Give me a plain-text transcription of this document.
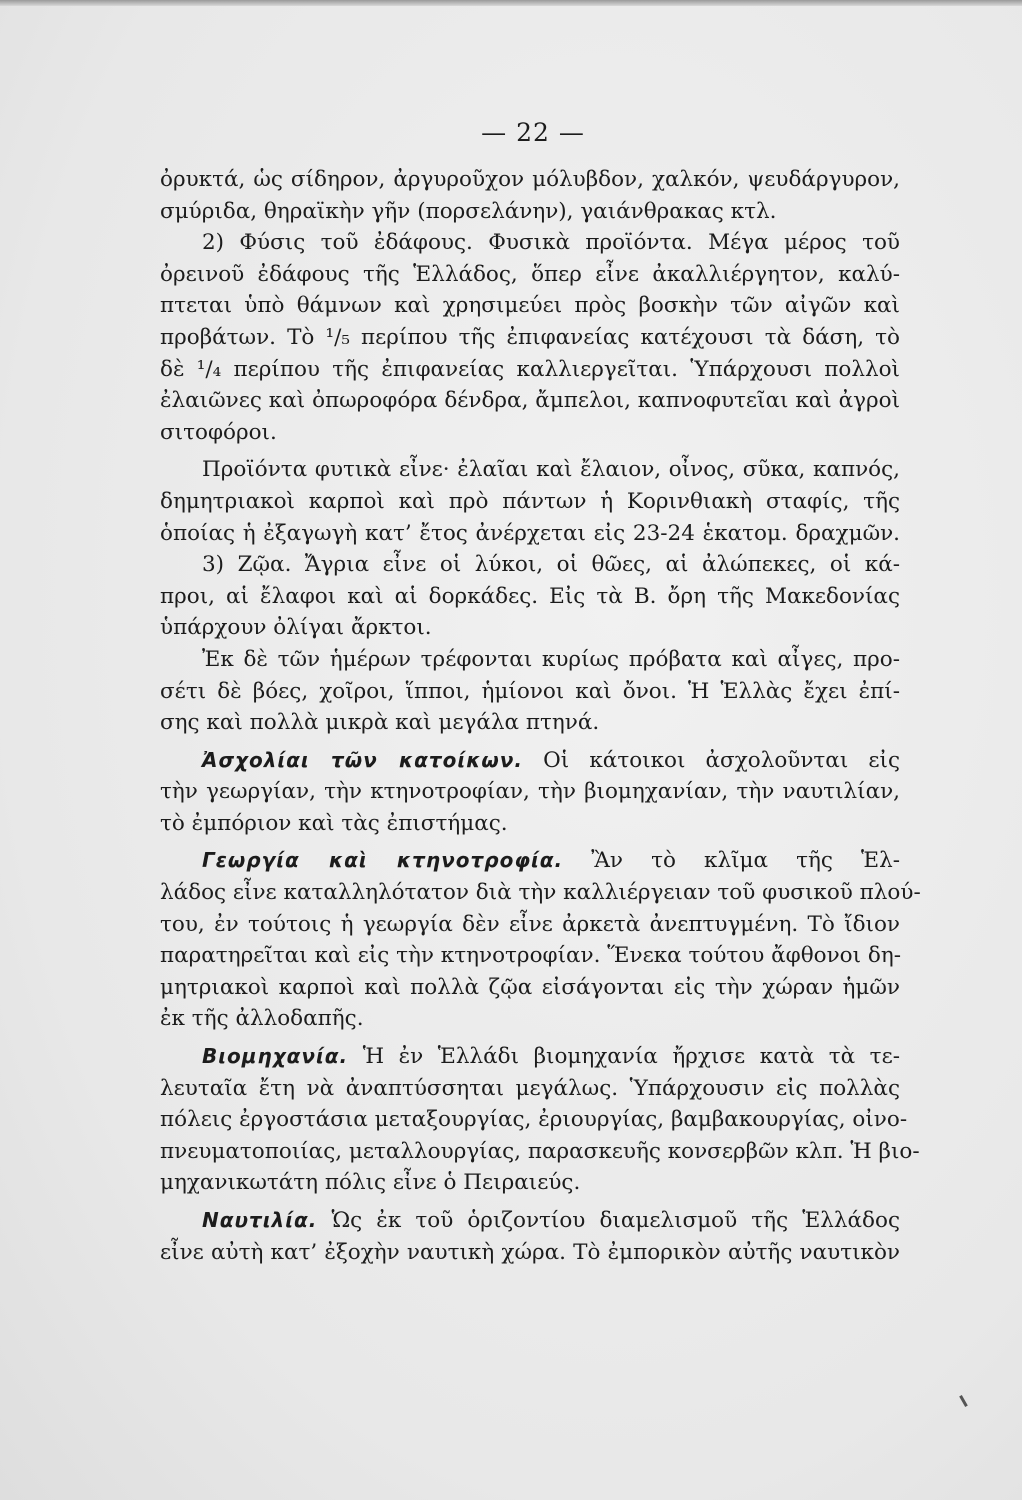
— 22 —
ὀρυκτά, ὡς σίδηρον, ἀργυροῦχον μόλυβδον, χαλκόν, ψευδάργυρον,
σμύριδα, θηραϊκὴν γῆν (πορσελάνην), γαιάνθρακας κτλ.
2) Φύσις τοῦ ἐδάφους. Φυσικὰ προϊόντα. Μέγα μέρος τοῦ
ὀρεινοῦ ἐδάφους τῆς Ἑλλάδος, ὅπερ εἶνε ἀκαλλιέργητον, καλύ-
πτεται ὑπὸ θάμνων καὶ χρησιμεύει πρὸς βοσκὴν τῶν αἰγῶν καὶ
προβάτων. Τὸ ¹/₅ περίπου τῆς ἐπιφανείας κατέχουσι τὰ δάση, τὸ
δὲ ¹/₄ περίπου τῆς ἐπιφανείας καλλιεργεῖται. Ὑπάρχουσι πολλοὶ
ἐλαιῶνες καὶ ὀπωροφόρα δένδρα, ἄμπελοι, καπνοφυτεῖαι καὶ ἀγροὶ
σιτοφόροι.
Προϊόντα φυτικὰ εἶνε· ἐλαῖαι καὶ ἔλαιον, οἶνος, σῦκα, καπνός,
δημητριακοὶ καρποὶ καὶ πρὸ πάντων ἡ Κορινθιακὴ σταφίς, τῆς
ὁποίας ἡ ἐξαγωγὴ κατ’ ἔτος ἀνέρχεται εἰς 23-24 ἑκατομ. δραχμῶν.
3) Ζῷα. Ἄγρια εἶνε οἱ λύκοι, οἱ θῶες, αἱ ἀλώπεκες, οἱ κά-
προι, αἱ ἔλαφοι καὶ αἱ δορκάδες. Εἰς τὰ Β. ὄρη τῆς Μακεδονίας
ὑπάρχουν ὀλίγαι ἄρκτοι.
Ἐκ δὲ τῶν ἡμέρων τρέφονται κυρίως πρόβατα καὶ αἶγες, προ-
σέτι δὲ βόες, χοῖροι, ἵπποι, ἡμίονοι καὶ ὄνοι. Ἡ Ἑλλὰς ἔχει ἐπί-
σης καὶ πολλὰ μικρὰ καὶ μεγάλα πτηνά.
Ἀσχολίαι τῶν κατοίκων. Οἱ κάτοικοι ἀσχολοῦνται εἰς
τὴν γεωργίαν, τὴν κτηνοτροφίαν, τὴν βιομηχανίαν, τὴν ναυτιλίαν,
τὸ ἐμπόριον καὶ τὰς ἐπιστήμας.
Γεωργία καὶ κτηνοτροφία. Ἂν τὸ κλῖμα τῆς Ἑλ-
λάδος εἶνε καταλληλότατον διὰ τὴν καλλιέργειαν τοῦ φυσικοῦ πλού-
του, ἐν τούτοις ἡ γεωργία δὲν εἶνε ἀρκετὰ ἀνεπτυγμένη. Τὸ ἴδιον
παρατηρεῖται καὶ εἰς τὴν κτηνοτροφίαν. Ἕνεκα τούτου ἄφθονοι δη-
μητριακοὶ καρποὶ καὶ πολλὰ ζῷα εἰσάγονται εἰς τὴν χώραν ἡμῶν
ἐκ τῆς ἀλλοδαπῆς.
Βιομηχανία. Ἡ ἐν Ἑλλάδι βιομηχανία ἤρχισε κατὰ τὰ τε-
λευταῖα ἔτη νὰ ἀναπτύσσηται μεγάλως. Ὑπάρχουσιν εἰς πολλὰς
πόλεις ἐργοστάσια μεταξουργίας, ἐριουργίας, βαμβακουργίας, οἰνο-
πνευματοποιίας, μεταλλουργίας, παρασκευῆς κονσερβῶν κλπ. Ἡ βιο-
μηχανικωτάτη πόλις εἶνε ὁ Πειραιεύς.
Ναυτιλία. Ὡς ἐκ τοῦ ὁριζοντίου διαμελισμοῦ τῆς Ἑλλάδος
εἶνε αὐτὴ κατ’ ἐξοχὴν ναυτικὴ χώρα. Τὸ ἐμπορικὸν αὐτῆς ναυτικὸν
